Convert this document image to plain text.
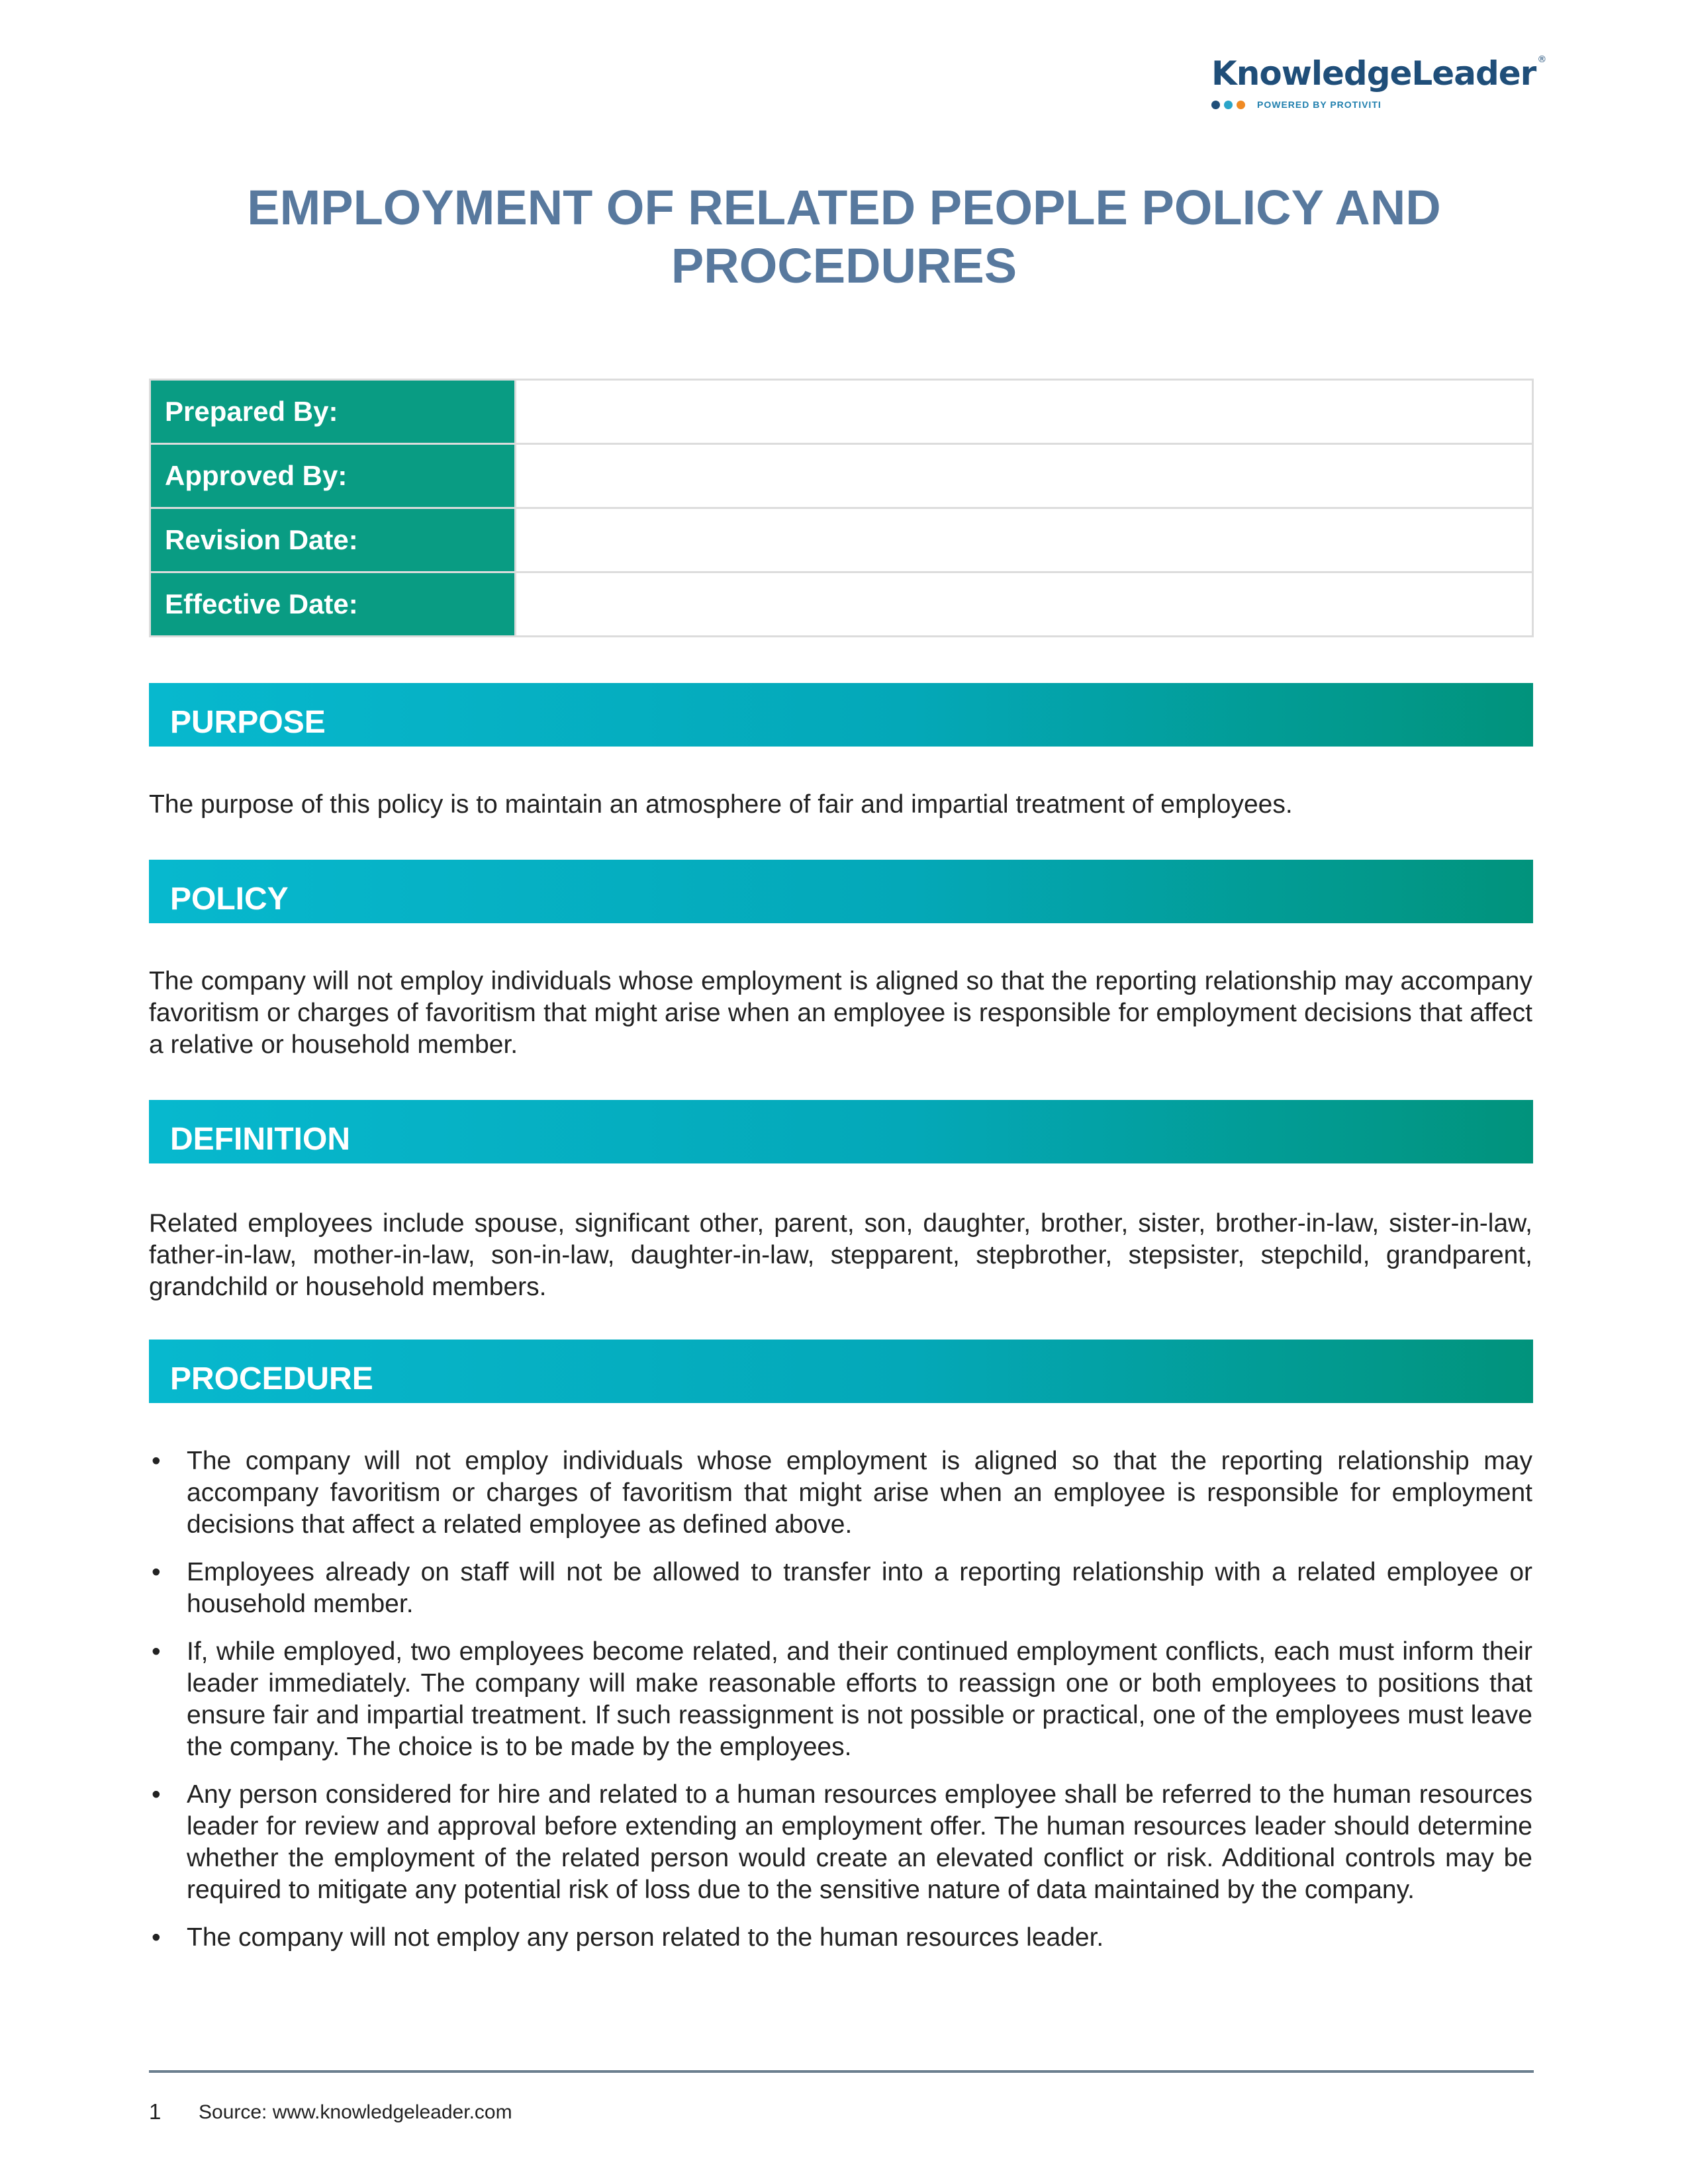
KnowledgeLeader ®
POWERED BY PROTIVITI
EMPLOYMENT OF RELATED PEOPLE POLICY AND PROCEDURES
Prepared By:	
Approved By:	
Revision Date:	
Effective Date:	
PURPOSE

The purpose of this policy is to maintain an atmosphere of fair and impartial treatment of employees.

POLICY

The company will not employ individuals whose employment is aligned so that the reporting relationship may accompany favoritism or charges of favoritism that might arise when an employee is responsible for employment decisions that affect a relative or household member.

DEFINITION

Related employees include spouse, significant other, parent, son, daughter, brother, sister, brother-in-law, sister-in-law, father-in-law, mother-in-law, son-in-law, daughter-in-law, stepparent, stepbrother, stepsister, stepchild, grandparent, grandchild or household members.

PROCEDURE
• The company will not employ individuals whose employment is aligned so that the reporting relationship may accompany favoritism or charges of favoritism that might arise when an employee is responsible for employment decisions that affect a related employee as defined above.
• Employees already on staff will not be allowed to transfer into a reporting relationship with a related employee or household member.
• If, while employed, two employees become related, and their continued employment conflicts, each must inform their leader immediately. The company will make reasonable efforts to reassign one or both employees to positions that ensure fair and impartial treatment. If such reassignment is not possible or practical, one of the employees must leave the company. The choice is to be made by the employees.
• Any person considered for hire and related to a human resources employee shall be referred to the human resources leader for review and approval before extending an employment offer. The human resources leader should determine whether the employment of the related person would create an elevated conflict or risk. Additional controls may be required to mitigate any potential risk of loss due to the sensitive nature of data maintained by the company.
• The company will not employ any person related to the human resources leader.
1 Source: www.knowledgeleader.com
